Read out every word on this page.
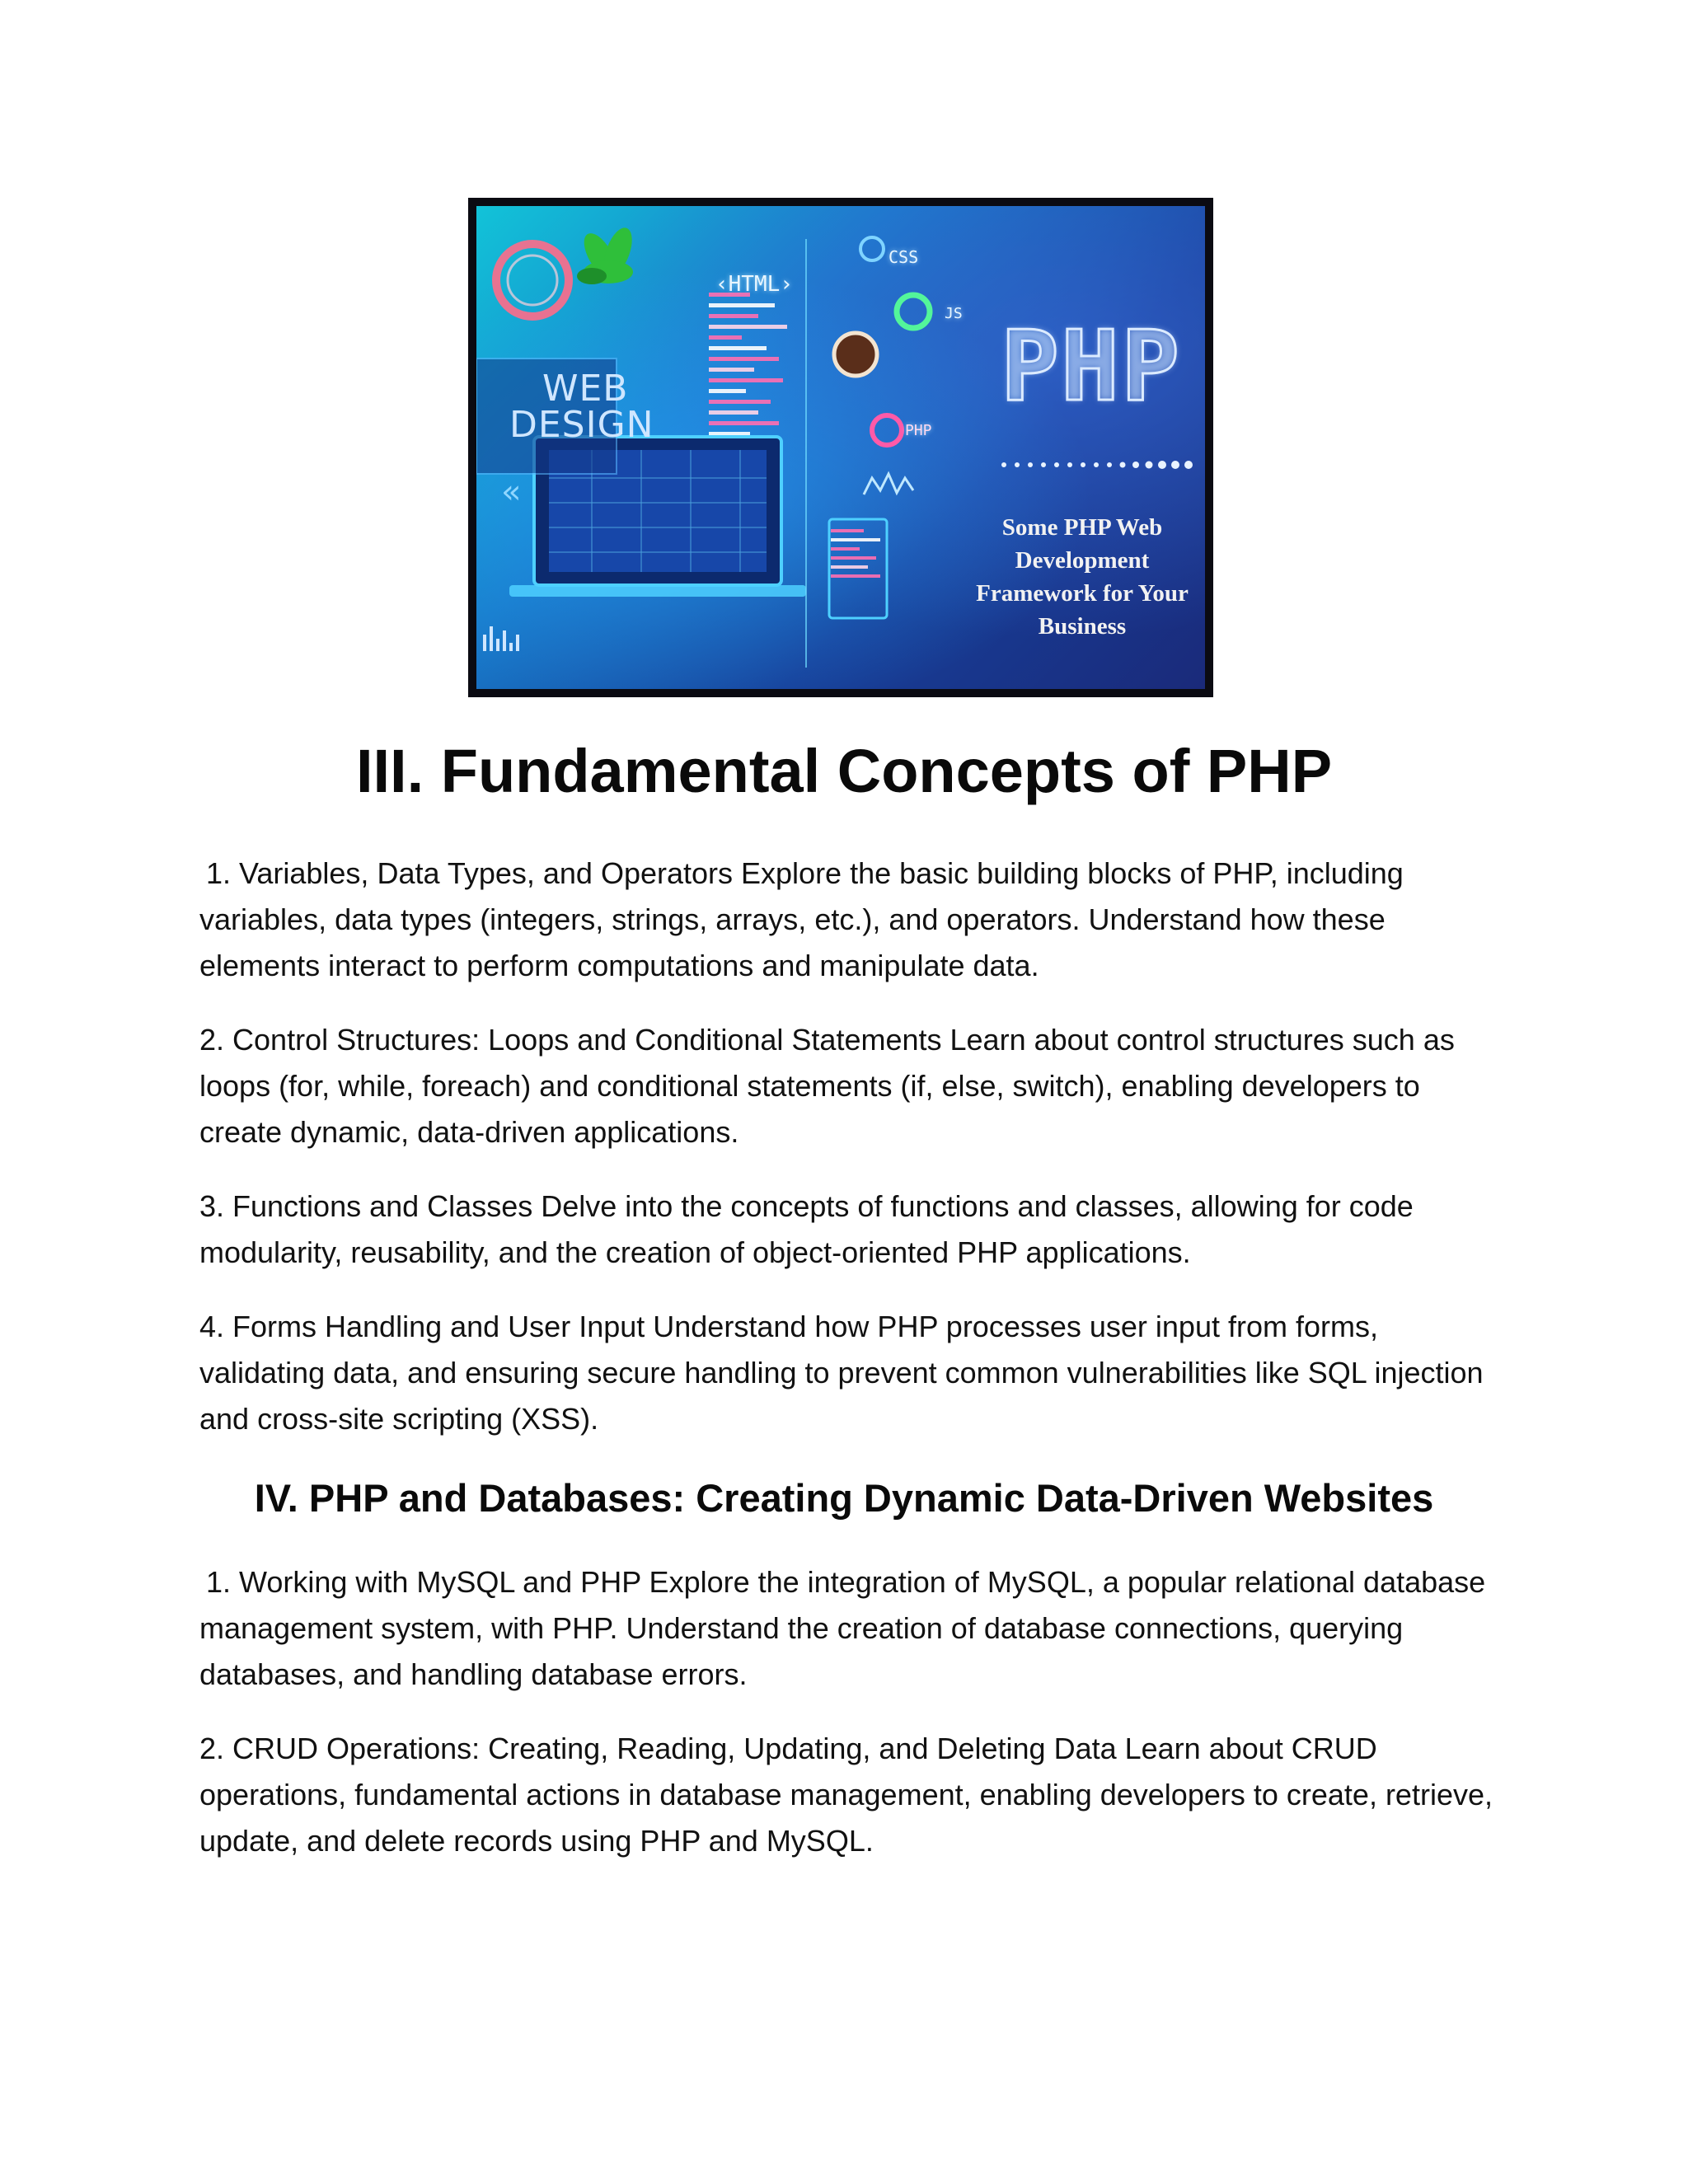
«
‹HTML›
CSS
JS
PHP
WEB
DESIGN
PHP
Some PHP Web Development Framework for Your Business
III. Fundamental Concepts of PHP

1. Variables, Data Types, and Operators Explore the basic building blocks of PHP, including variables, data types (integers, strings, arrays, etc.), and operators. Understand how these elements interact to perform computations and manipulate data.

2. Control Structures: Loops and Conditional Statements Learn about control structures such as loops (for, while, foreach) and conditional statements (if, else, switch), enabling developers to create dynamic, data-driven applications.

3. Functions and Classes Delve into the concepts of functions and classes, allowing for code modularity, reusability, and the creation of object-oriented PHP applications.

4. Forms Handling and User Input Understand how PHP processes user input from forms, validating data, and ensuring secure handling to prevent common vulnerabilities like SQL injection and cross-site scripting (XSS).

IV. PHP and Databases: Creating Dynamic Data-Driven Websites

1. Working with MySQL and PHP Explore the integration of MySQL, a popular relational database management system, with PHP. Understand the creation of database connections, querying databases, and handling database errors.

2. CRUD Operations: Creating, Reading, Updating, and Deleting Data Learn about CRUD operations, fundamental actions in database management, enabling developers to create, retrieve, update, and delete records using PHP and MySQL.
